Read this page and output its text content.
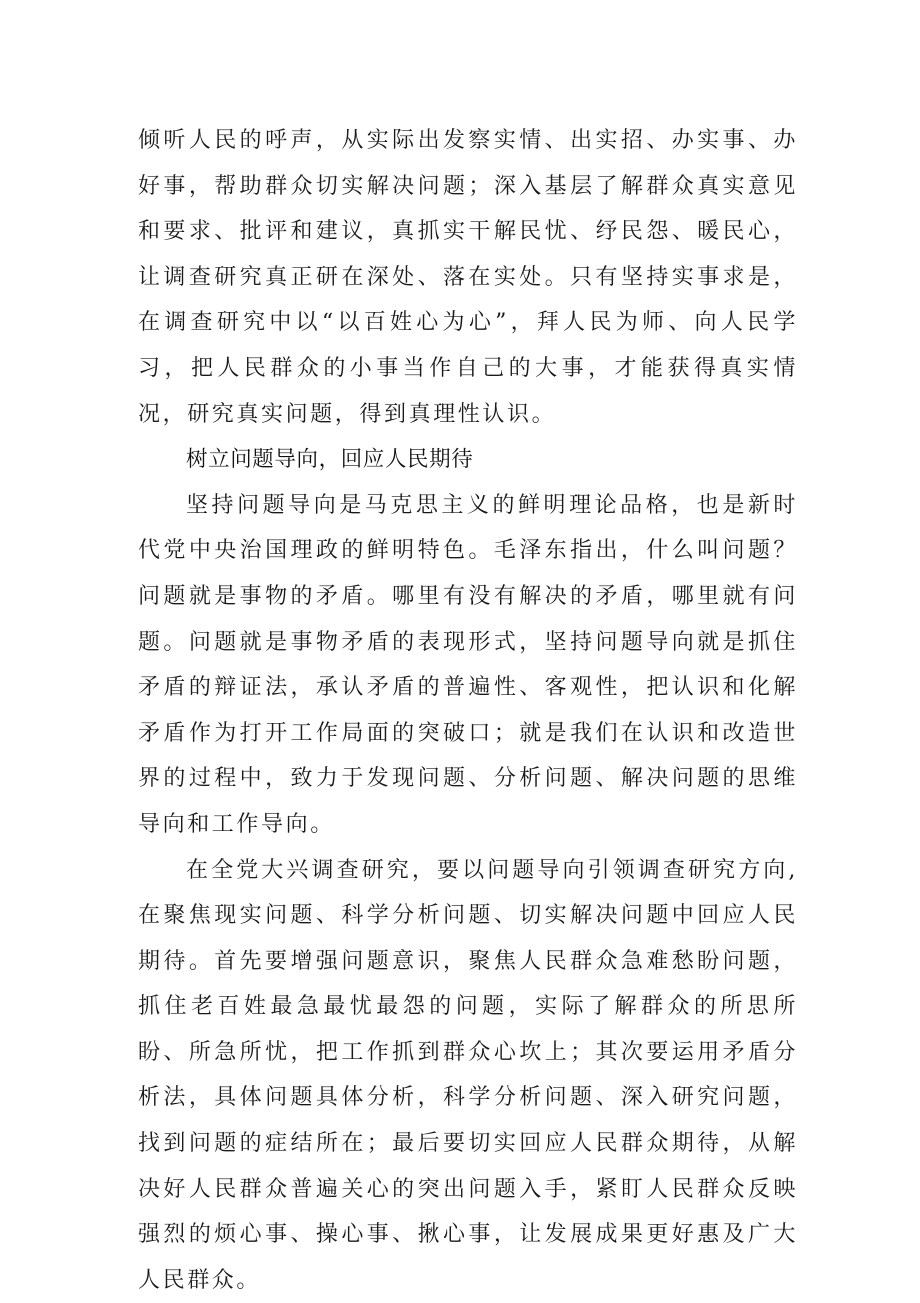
倾听人民的呼声，从实际出发察实情、出实招、办实事、办好事，帮助群众切实解决问题；深入基层了解群众真实意见和要求、批评和建议，真抓实干解民忧、纾民怨、暖民心，让调查研究真正研在深处、落在实处。只有坚持实事求是，在调查研究中以“以百姓心为心”，拜人民为师、向人民学习，把人民群众的小事当作自己的大事，才能获得真实情况，研究真实问题，得到真理性认识。

树立问题导向，回应人民期待

坚持问题导向是马克思主义的鲜明理论品格，也是新时代党中央治国理政的鲜明特色。毛泽东指出，什么叫问题？问题就是事物的矛盾。哪里有没有解决的矛盾，哪里就有问题。问题就是事物矛盾的表现形式，坚持问题导向就是抓住矛盾的辩证法，承认矛盾的普遍性、客观性，把认识和化解矛盾作为打开工作局面的突破口；就是我们在认识和改造世界的过程中，致力于发现问题、分析问题、解决问题的思维导向和工作导向。

在全党大兴调查研究，要以问题导向引领调查研究方向,在聚焦现实问题、科学分析问题、切实解决问题中回应人民期待。首先要增强问题意识，聚焦人民群众急难愁盼问题，抓住老百姓最急最忧最怨的问题，实际了解群众的所思所盼、所急所忧，把工作抓到群众心坎上；其次要运用矛盾分析法，具体问题具体分析，科学分析问题、深入研究问题，找到问题的症结所在；最后要切实回应人民群众期待，从解决好人民群众普遍关心的突出问题入手，紧盯人民群众反映强烈的烦心事、操心事、揪心事，让发展成果更好惠及广大人民群众。
